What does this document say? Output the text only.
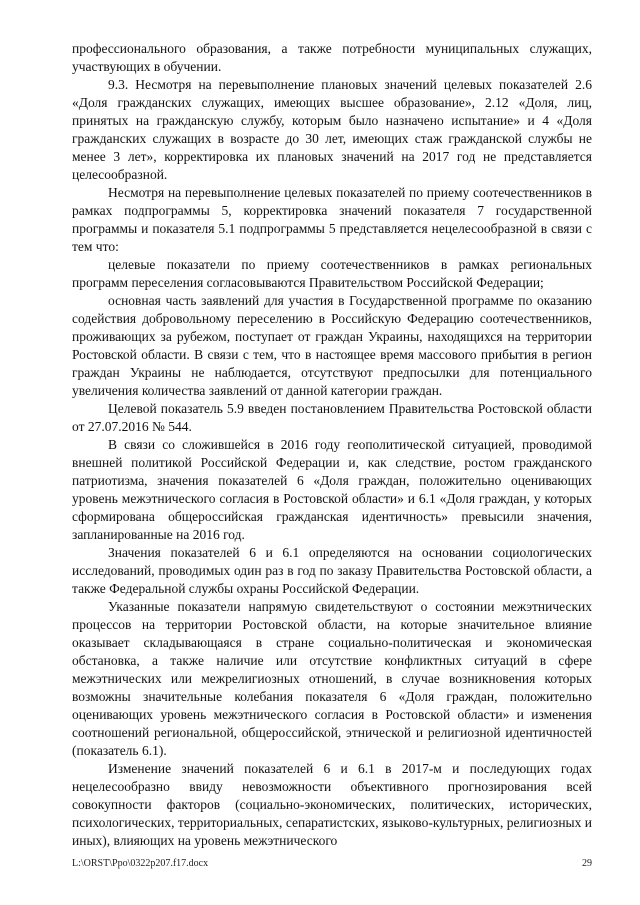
профессионального образования, а также потребности муниципальных служащих, участвующих в обучении.

9.3. Несмотря на перевыполнение плановых значений целевых показателей 2.6 «Доля гражданских служащих, имеющих высшее образование», 2.12 «Доля, лиц, принятых на гражданскую службу, которым было назначено испытание» и 4 «Доля гражданских служащих в возрасте до 30 лет, имеющих стаж гражданской службы не менее 3 лет», корректировка их плановых значений на 2017 год не представляется целесообразной.

Несмотря на перевыполнение целевых показателей по приему соотечественников в рамках подпрограммы 5, корректировка значений показателя 7 государственной программы и показателя 5.1 подпрограммы 5 представляется нецелесообразной в связи с тем что:

целевые показатели по приему соотечественников в рамках региональных программ переселения согласовываются Правительством Российской Федерации;

основная часть заявлений для участия в Государственной программе по оказанию содействия добровольному переселению в Российскую Федерацию соотечественников, проживающих за рубежом, поступает от граждан Украины, находящихся на территории Ростовской области. В связи с тем, что в настоящее время массового прибытия в регион граждан Украины не наблюдается, отсутствуют предпосылки для потенциального увеличения количества заявлений от данной категории граждан.

Целевой показатель 5.9 введен постановлением Правительства Ростовской области от 27.07.2016 № 544.

В связи со сложившейся в 2016 году геополитической ситуацией, проводимой внешней политикой Российской Федерации и, как следствие, ростом гражданского патриотизма, значения показателей 6 «Доля граждан, положительно оценивающих уровень межэтнического согласия в Ростовской области» и 6.1 «Доля граждан, у которых сформирована общероссийская гражданская идентичность» превысили значения, запланированные на 2016 год.

Значения показателей 6 и 6.1 определяются на основании социологических исследований, проводимых один раз в год по заказу Правительства Ростовской области, а также Федеральной службы охраны Российской Федерации.

Указанные показатели напрямую свидетельствуют о состоянии межэтнических процессов на территории Ростовской области, на которые значительное влияние оказывает складывающаяся в стране социально-политическая и экономическая обстановка, а также наличие или отсутствие конфликтных ситуаций в сфере межэтнических или межрелигиозных отношений, в случае возникновения которых возможны значительные колебания показателя 6 «Доля граждан, положительно оценивающих уровень межэтнического согласия в Ростовской области» и изменения соотношений региональной, общероссийской, этнической и религиозной идентичностей (показатель 6.1).

Изменение значений показателей 6 и 6.1 в 2017-м и последующих годах нецелесообразно ввиду невозможности объективного прогнозирования всей совокупности факторов (социально-экономических, политических, исторических, психологических, территориальных, сепаратистских, языково-культурных, религиозных и иных), влияющих на уровень межэтнического

L:\ORST\Ppo\0322p207.f17.docx	29
